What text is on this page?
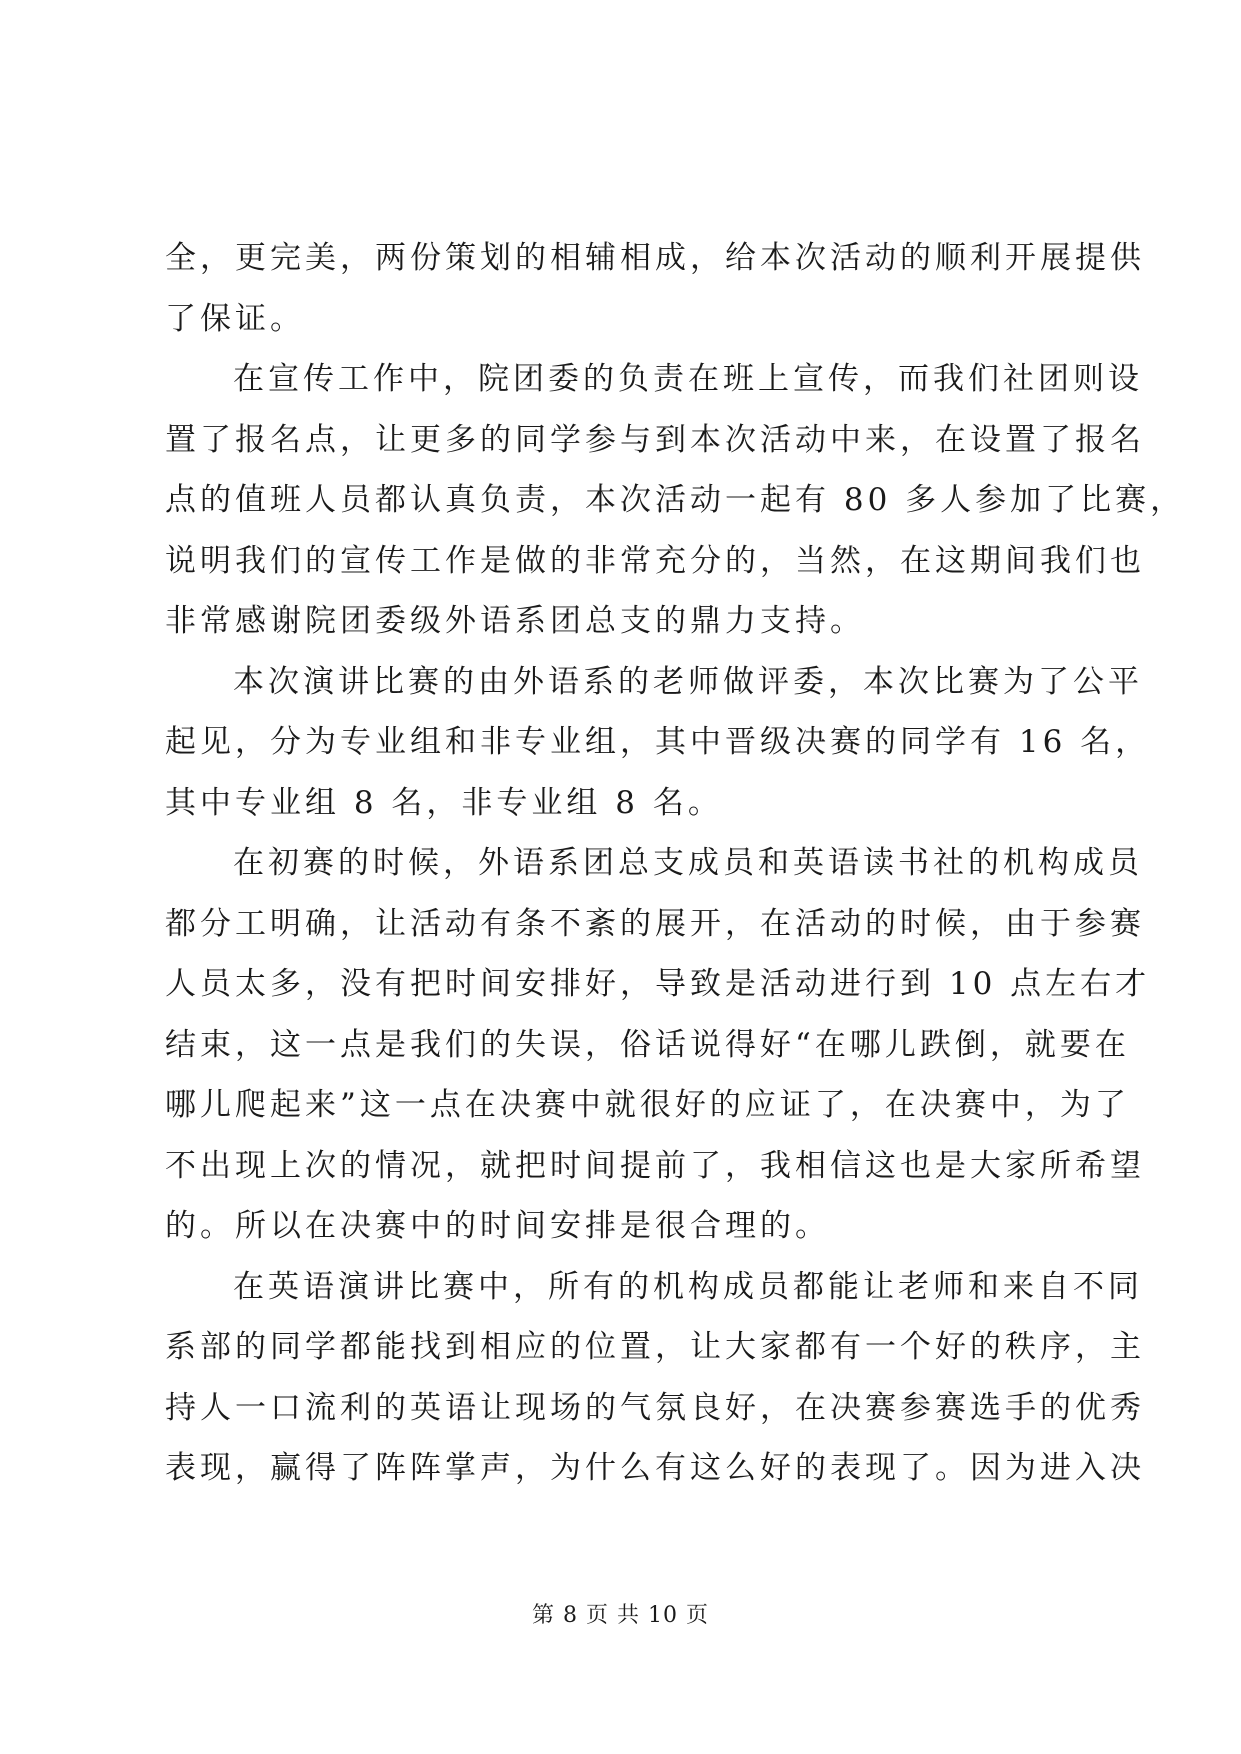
全，更完美，两份策划的相辅相成，给本次活动的顺利开展提供
了保证。
在宣传工作中，院团委的负责在班上宣传，而我们社团则设
置了报名点，让更多的同学参与到本次活动中来，在设置了报名
点的值班人员都认真负责，本次活动一起有 80 多人参加了比赛，
说明我们的宣传工作是做的非常充分的，当然，在这期间我们也
非常感谢院团委级外语系团总支的鼎力支持。
本次演讲比赛的由外语系的老师做评委，本次比赛为了公平
起见，分为专业组和非专业组，其中晋级决赛的同学有 16 名，
其中专业组 8 名，非专业组 8 名。
在初赛的时候，外语系团总支成员和英语读书社的机构成员
都分工明确，让活动有条不紊的展开，在活动的时候，由于参赛
人员太多，没有把时间安排好，导致是活动进行到 10 点左右才
结束，这一点是我们的失误，俗话说得好“在哪儿跌倒，就要在
哪儿爬起来”这一点在决赛中就很好的应证了，在决赛中，为了
不出现上次的情况，就把时间提前了，我相信这也是大家所希望
的。所以在决赛中的时间安排是很合理的。
在英语演讲比赛中，所有的机构成员都能让老师和来自不同
系部的同学都能找到相应的位置，让大家都有一个好的秩序，主
持人一口流利的英语让现场的气氛良好，在决赛参赛选手的优秀
表现，赢得了阵阵掌声，为什么有这么好的表现了。因为进入决
第 8 页 共 10 页
